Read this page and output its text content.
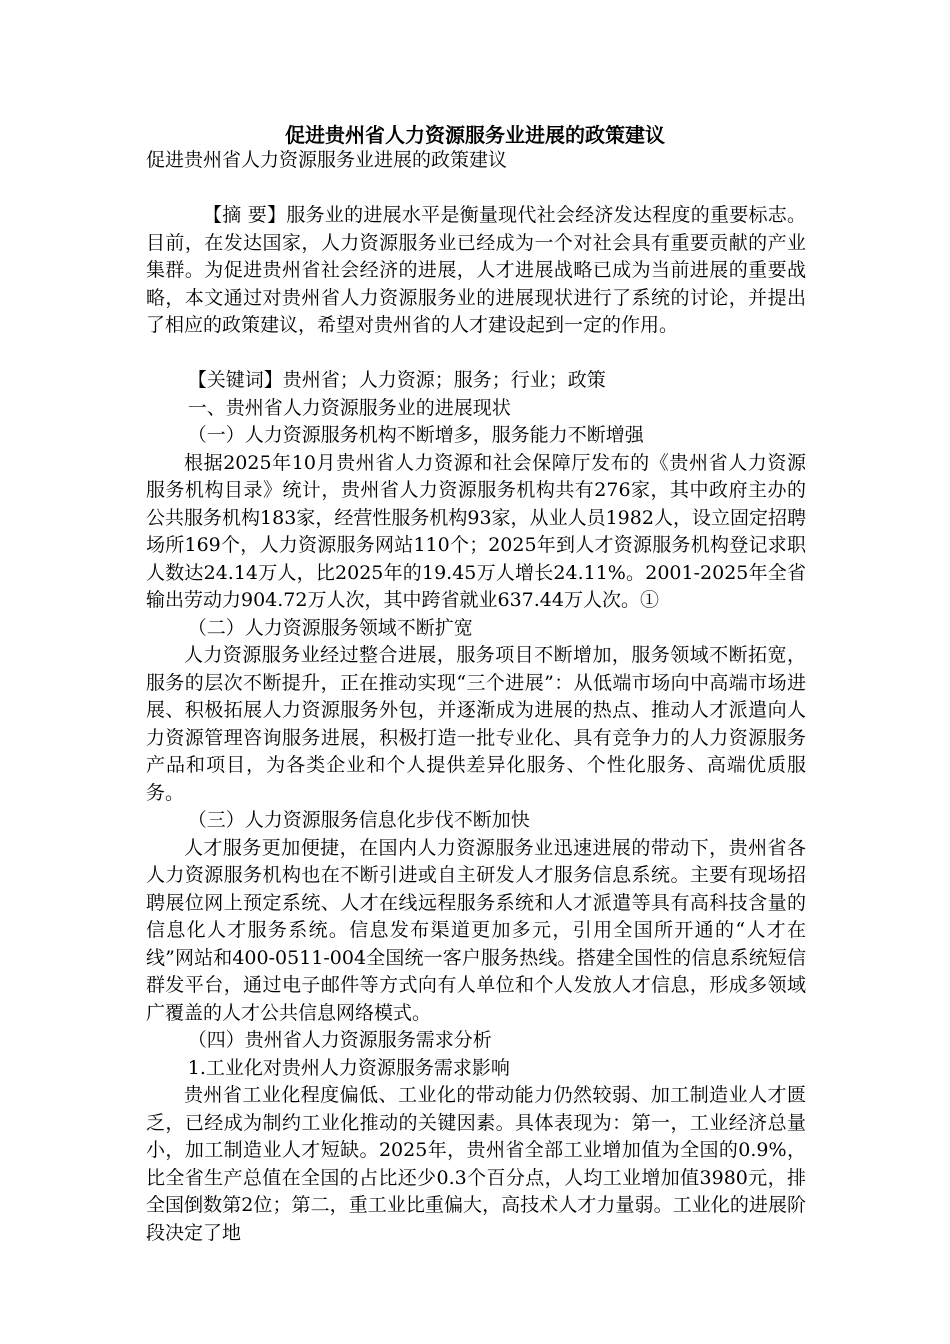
促进贵州省人力资源服务业进展的政策建议

促进贵州省人力资源服务业进展的政策建议

【摘 要】服务业的进展水平是衡量现代社会经济发达程度的重要标志。目前，在发达国家，人力资源服务业已经成为一个对社会具有重要贡献的产业集群。为促进贵州省社会经济的进展，人才进展战略已成为当前进展的重要战略，本文通过对贵州省人力资源服务业的进展现状进行了系统的讨论，并提出了相应的政策建议，希望对贵州省的人才建设起到一定的作用。

【关键词】贵州省；人力资源；服务；行业；政策

一、贵州省人力资源服务业的进展现状

（一）人力资源服务机构不断增多，服务能力不断增强

根据2025年10月贵州省人力资源和社会保障厅发布的《贵州省人力资源服务机构目录》统计，贵州省人力资源服务机构共有276家，其中政府主办的公共服务机构183家，经营性服务机构93家，从业人员1982人，设立固定招聘场所169个，人力资源服务网站110个；2025年到人才资源服务机构登记求职人数达24.14万人，比2025年的19.45万人增长24.11%。2001-2025年全省输出劳动力904.72万人次，其中跨省就业637.44万人次。①

（二）人力资源服务领域不断扩宽

人力资源服务业经过整合进展，服务项目不断增加，服务领域不断拓宽，服务的层次不断提升，正在推动实现“三个进展”：从低端市场向中高端市场进展、积极拓展人力资源服务外包，并逐渐成为进展的热点、推动人才派遣向人力资源管理咨询服务进展，积极打造一批专业化、具有竞争力的人力资源服务产品和项目，为各类企业和个人提供差异化服务、个性化服务、高端优质服务。

（三）人力资源服务信息化步伐不断加快

人才服务更加便捷，在国内人力资源服务业迅速进展的带动下，贵州省各人力资源服务机构也在不断引进或自主研发人才服务信息系统。主要有现场招聘展位网上预定系统、人才在线远程服务系统和人才派遣等具有高科技含量的信息化人才服务系统。信息发布渠道更加多元，引用全国所开通的“人才在线”网站和400-0511-004全国统一客户服务热线。搭建全国性的信息系统短信群发平台，通过电子邮件等方式向有人单位和个人发放人才信息，形成多领域广覆盖的人才公共信息网络模式。

（四）贵州省人力资源服务需求分析

1.工业化对贵州人力资源服务需求影响

贵州省工业化程度偏低、工业化的带动能力仍然较弱、加工制造业人才匮乏，已经成为制约工业化推动的关键因素。具体表现为：第一，工业经济总量小，加工制造业人才短缺。2025年，贵州省全部工业增加值为全国的0.9%，比全省生产总值在全国的占比还少0.3个百分点，人均工业增加值3980元，排全国倒数第2位；第二，重工业比重偏大，高技术人才力量弱。工业化的进展阶段决定了地
